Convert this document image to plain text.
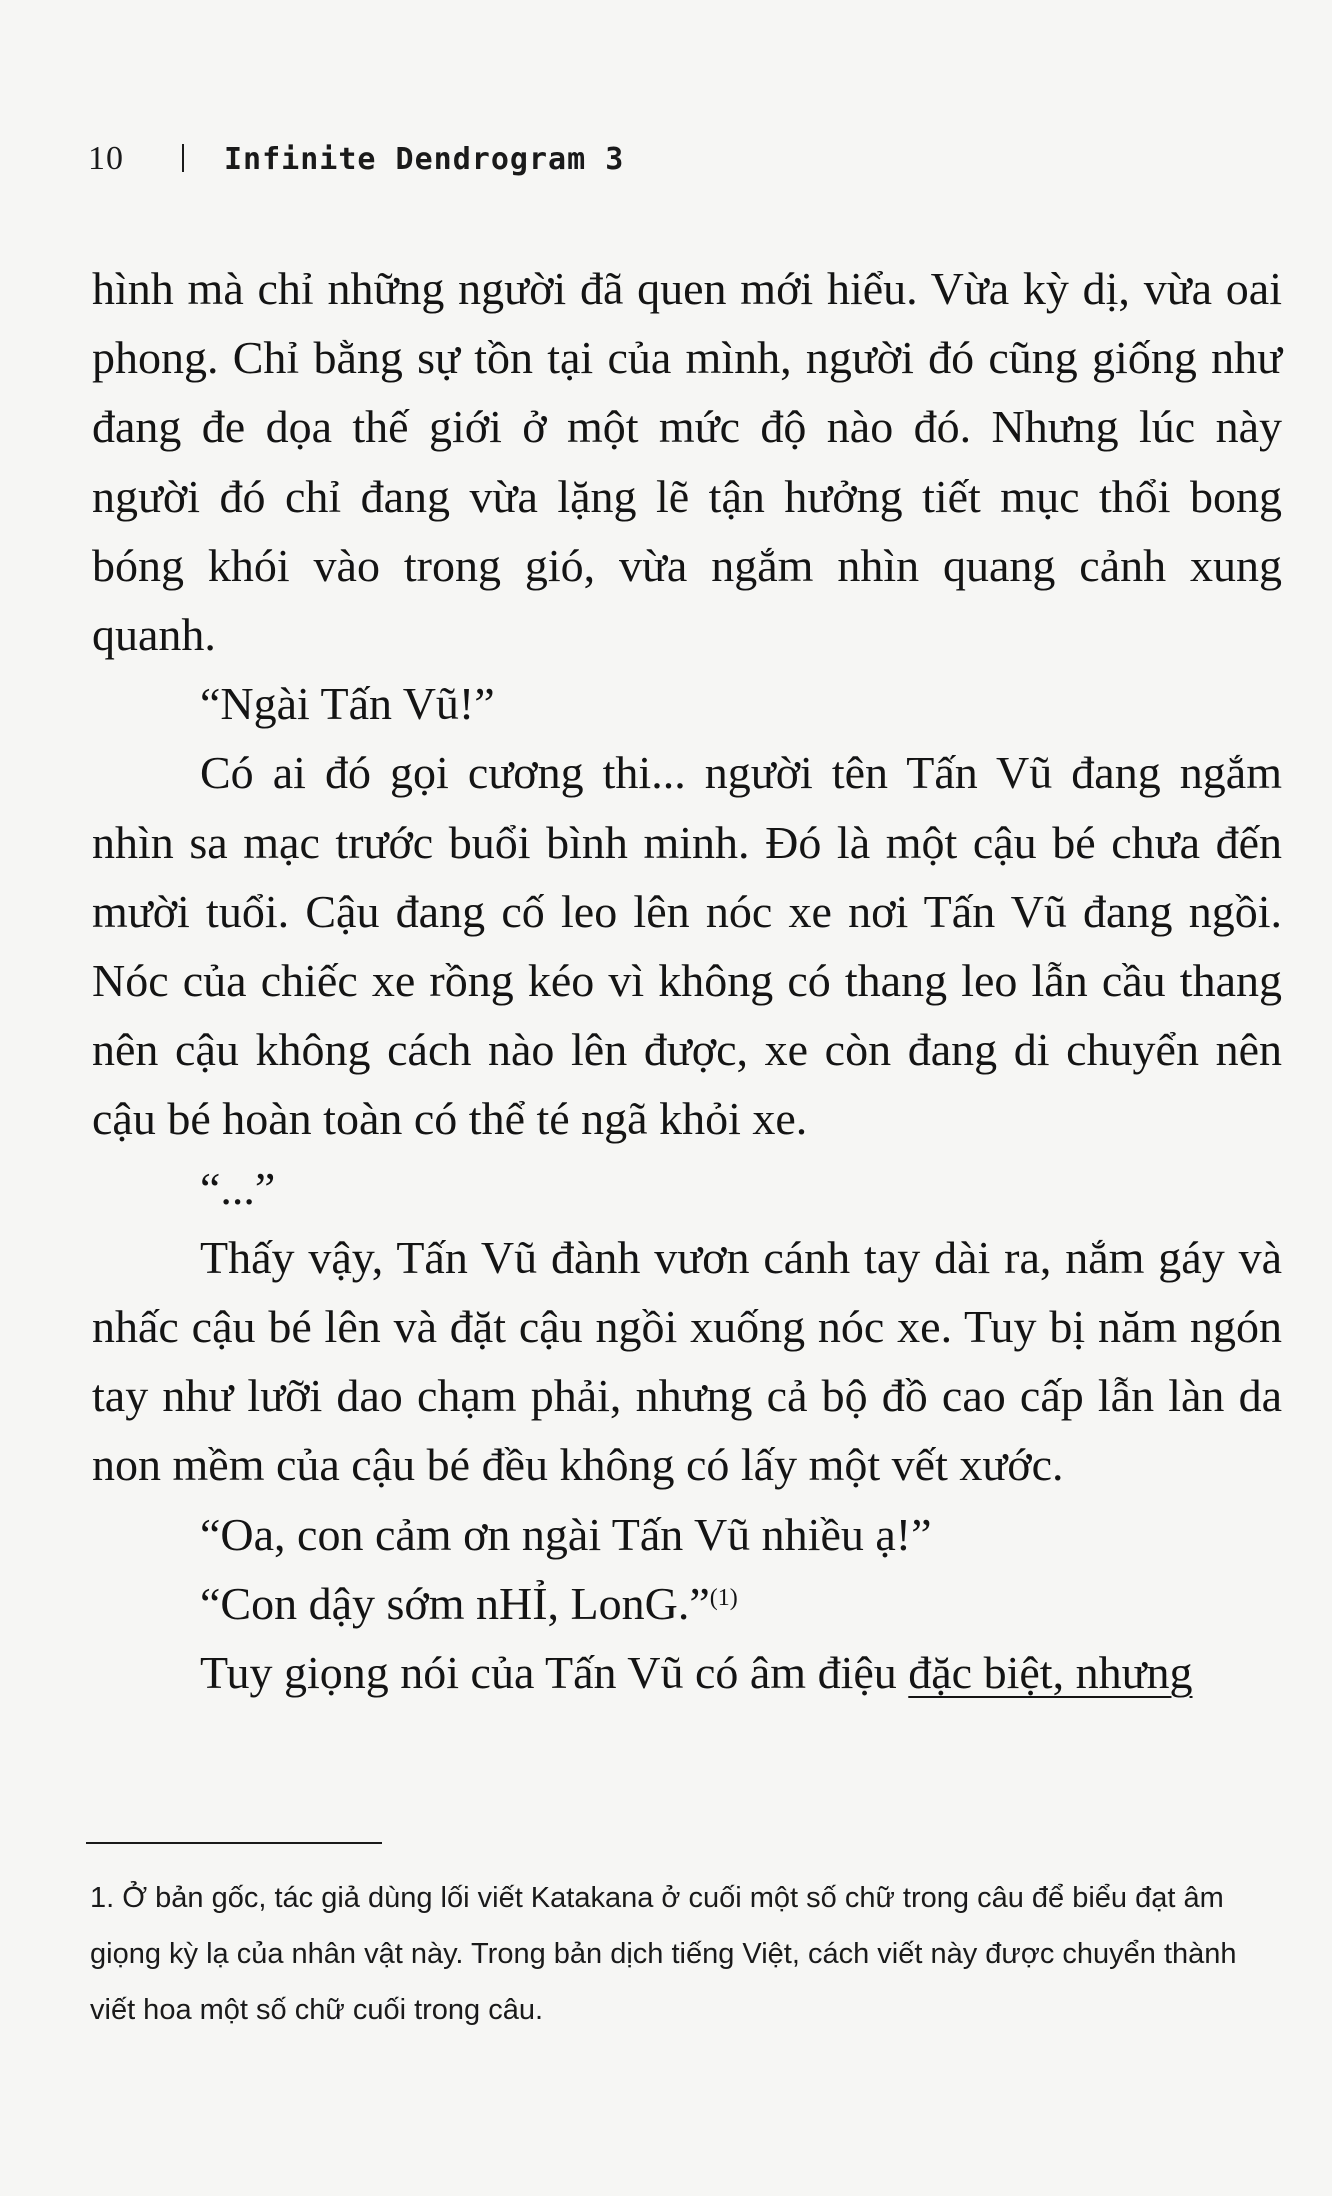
10	Infinite Dendrogram 3

hình mà chỉ những người đã quen mới hiểu. Vừa kỳ dị, vừa oai phong. Chỉ bằng sự tồn tại của mình, người đó cũng giống như đang đe dọa thế giới ở một mức độ nào đó. Nhưng lúc này người đó chỉ đang vừa lặng lẽ tận hưởng tiết mục thổi bong bóng khói vào trong gió, vừa ngắm nhìn quang cảnh xung quanh.

“Ngài Tấn Vũ!”

Có ai đó gọi cương thi... người tên Tấn Vũ đang ngắm nhìn sa mạc trước buổi bình minh. Đó là một cậu bé chưa đến mười tuổi. Cậu đang cố leo lên nóc xe nơi Tấn Vũ đang ngồi. Nóc của chiếc xe rồng kéo vì không có thang leo lẫn cầu thang nên cậu không cách nào lên được, xe còn đang di chuyển nên cậu bé hoàn toàn có thể té ngã khỏi xe.

“...”

Thấy vậy, Tấn Vũ đành vươn cánh tay dài ra, nắm gáy và nhấc cậu bé lên và đặt cậu ngồi xuống nóc xe. Tuy bị năm ngón tay như lưỡi dao chạm phải, nhưng cả bộ đồ cao cấp lẫn làn da non mềm của cậu bé đều không có lấy một vết xước.

“Oa, con cảm ơn ngài Tấn Vũ nhiều ạ!”

“Con dậy sớm nHỈ, LonG.”$^{(1)}$

Tuy giọng nói của Tấn Vũ có âm điệu đặc biệt, nhưng

1. Ở bản gốc, tác giả dùng lối viết Katakana ở cuối một số chữ trong câu để biểu đạt âm giọng kỳ lạ của nhân vật này. Trong bản dịch tiếng Việt, cách viết này được chuyển thành viết hoa một số chữ cuối trong câu.
